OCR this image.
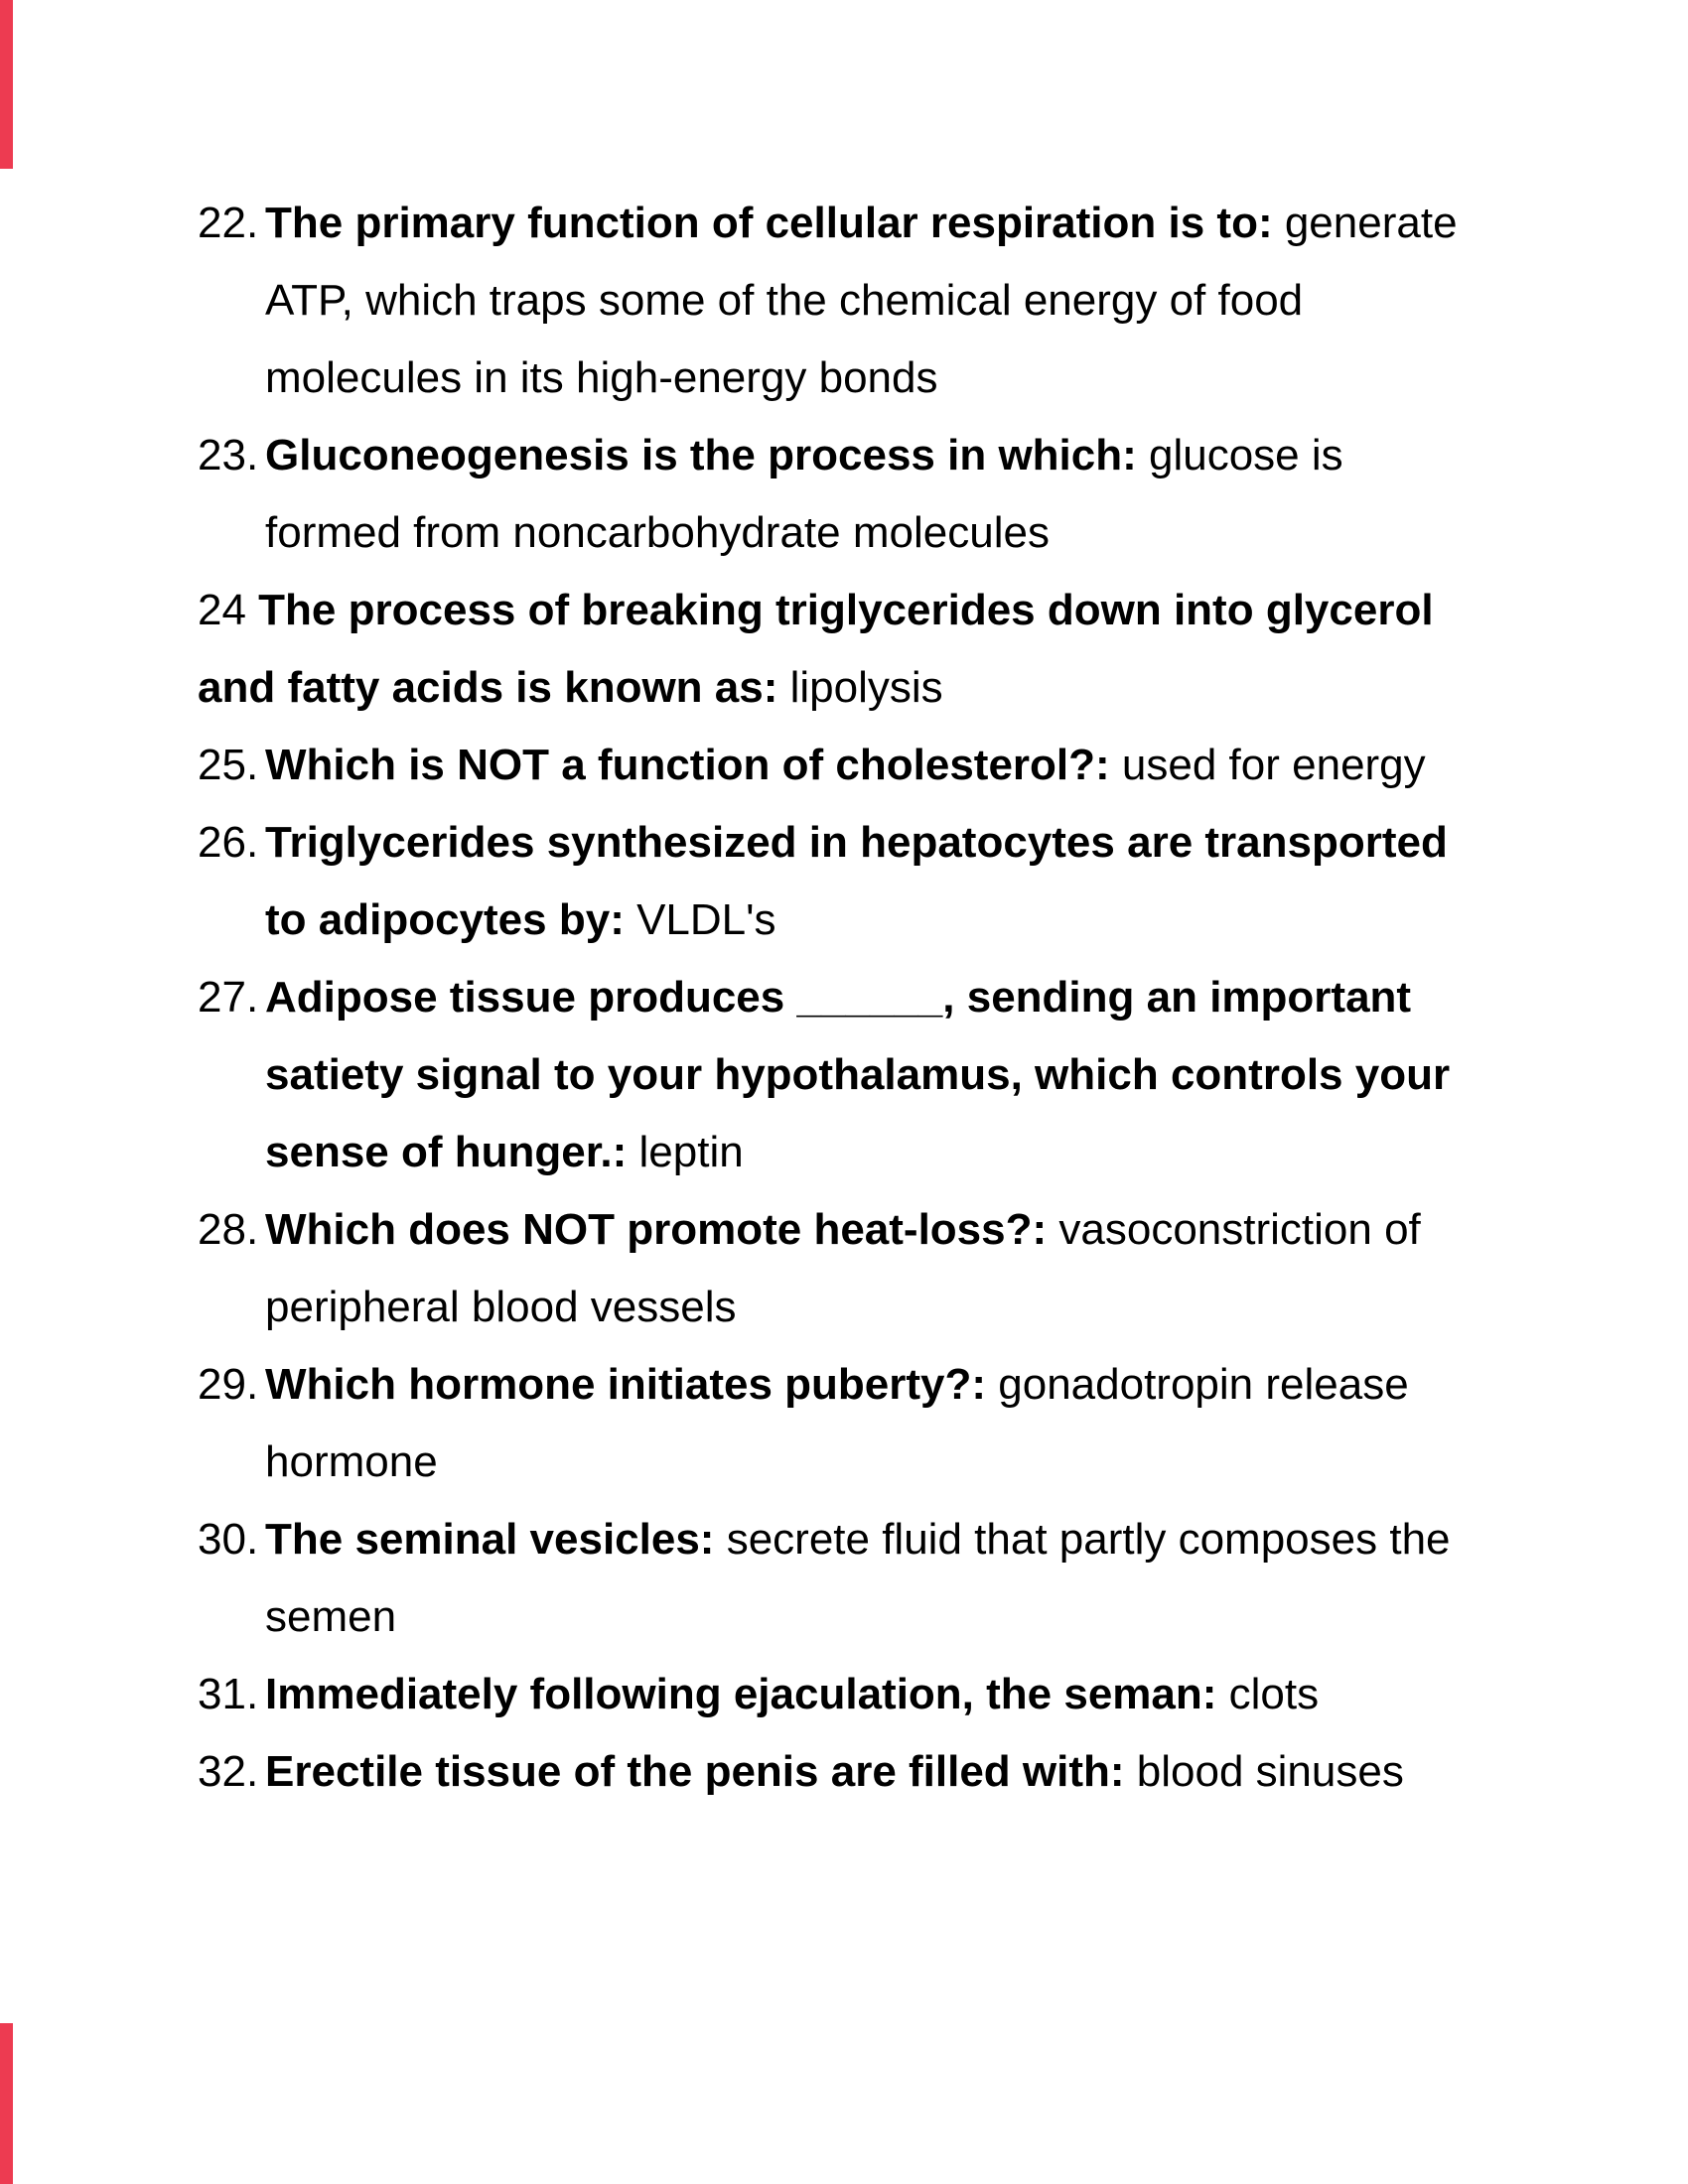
22. The primary function of cellular respiration is to: generate
ATP, which traps some of the chemical energy of food
molecules in its high-energy bonds
23. Gluconeogenesis is the process in which: glucose is
formed from noncarbohydrate molecules
24 The process of breaking triglycerides down into glycerol
and fatty acids is known as: lipolysis
25. Which is NOT a function of cholesterol?: used for energy
26. Triglycerides synthesized in hepatocytes are transported
to adipocytes by: VLDL's
27. Adipose tissue produces ______, sending an important
satiety signal to your hypothalamus, which controls your
sense of hunger.: leptin
28. Which does NOT promote heat-loss?: vasoconstriction of
peripheral blood vessels
29. Which hormone initiates puberty?: gonadotropin release
hormone
30. The seminal vesicles: secrete fluid that partly composes the
semen
31. Immediately following ejaculation, the seman: clots
32. Erectile tissue of the penis are filled with: blood sinuses
